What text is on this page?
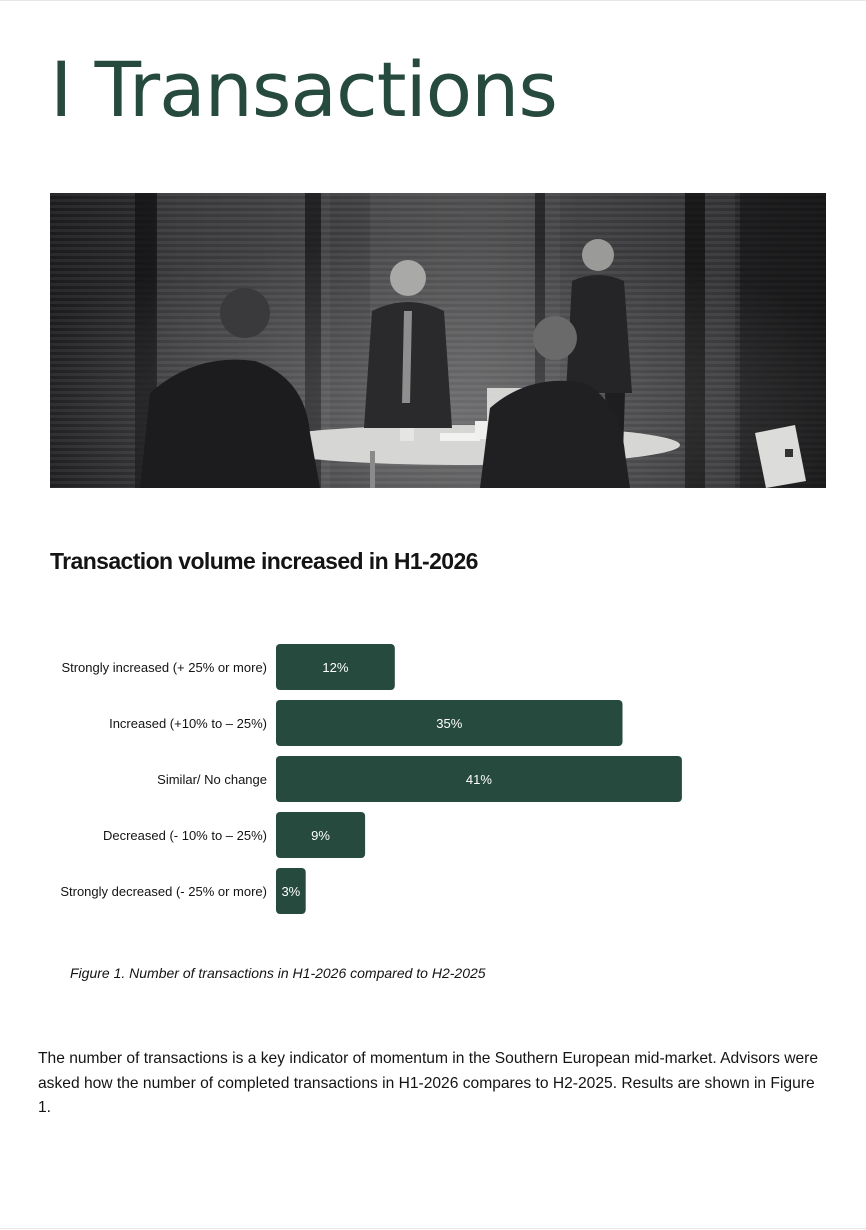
I Transactions
Transaction volume increased in H1-2026
Strongly increased (+ 25% or more)	12%
Increased (+10% to – 25%)	35%
Similar/ No change	41%
Decreased (- 10% to – 25%)	9%
Strongly decreased (- 25% or more) 3%

Figure 1. Number of transactions in H1-2026 compared to H2-2025

The number of transactions is a key indicator of momentum in the Southern European mid-market. Advisors were asked how the number of completed transactions in H1-2026 compares to H2-2025. Results are shown in Figure 1.
